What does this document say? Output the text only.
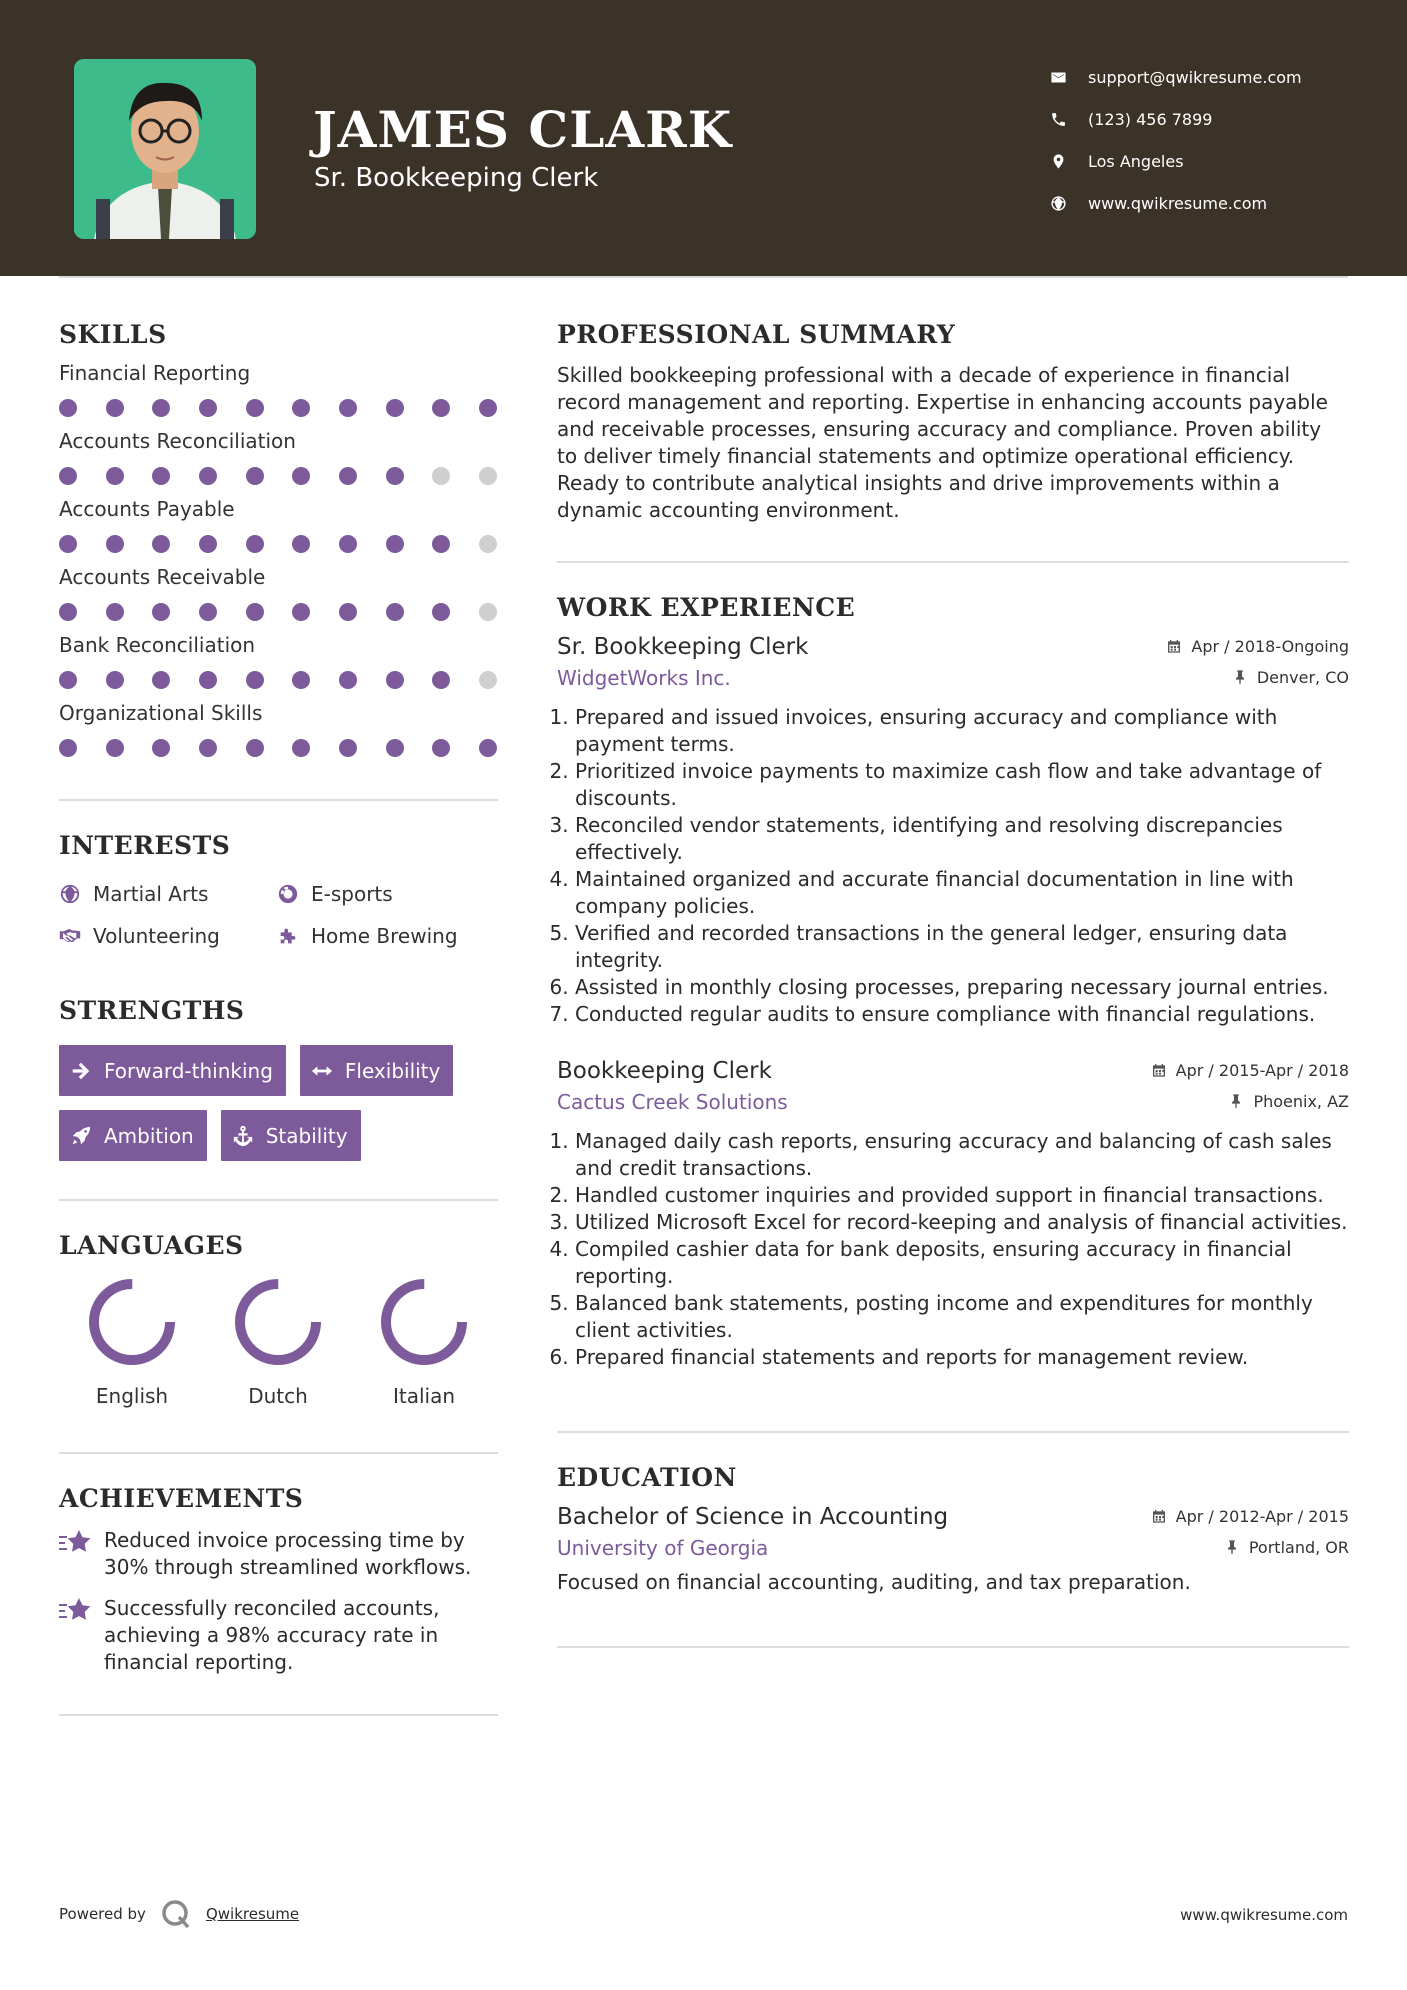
JAMES CLARK
Sr. Bookkeeping Clerk
support@qwikresume.com
(123) 456 7899
Los Angeles
www.qwikresume.com
SKILLS
Financial Reporting
Accounts Reconciliation
Accounts Payable
Accounts Receivable
Bank Reconciliation
Organizational Skills
INTERESTS
Martial Arts	E-sports
Volunteering	Home Brewing
STRENGTHS
Forward-thinking	Flexibility
Ambition	Stability
LANGUAGES
English	Dutch	Italian
ACHIEVEMENTS
Reduced invoice processing time by 30% through streamlined workflows.
Successfully reconciled accounts, achieving a 98% accuracy rate in financial reporting.
PROFESSIONAL SUMMARY
Skilled bookkeeping professional with a decade of experience in financial record management and reporting. Expertise in enhancing accounts payable and receivable processes, ensuring accuracy and compliance. Proven ability to deliver timely financial statements and optimize operational efficiency. Ready to contribute analytical insights and drive improvements within a dynamic accounting environment.
WORK EXPERIENCE
Sr. Bookkeeping Clerk	Apr / 2018-Ongoing
WidgetWorks Inc.	Denver, CO
1. Prepared and issued invoices, ensuring accuracy and compliance with payment terms.
2. Prioritized invoice payments to maximize cash flow and take advantage of discounts.
3. Reconciled vendor statements, identifying and resolving discrepancies effectively.
4. Maintained organized and accurate financial documentation in line with company policies.
5. Verified and recorded transactions in the general ledger, ensuring data integrity.
6. Assisted in monthly closing processes, preparing necessary journal entries.
7. Conducted regular audits to ensure compliance with financial regulations.
Bookkeeping Clerk	Apr / 2015-Apr / 2018
Cactus Creek Solutions	Phoenix, AZ
1. Managed daily cash reports, ensuring accuracy and balancing of cash sales and credit transactions.
2. Handled customer inquiries and provided support in financial transactions.
3. Utilized Microsoft Excel for record-keeping and analysis of financial activities.
4. Compiled cashier data for bank deposits, ensuring accuracy in financial reporting.
5. Balanced bank statements, posting income and expenditures for monthly client activities.
6. Prepared financial statements and reports for management review.
EDUCATION
Bachelor of Science in Accounting	Apr / 2012-Apr / 2015
University of Georgia	Portland, OR
Focused on financial accounting, auditing, and tax preparation.
Powered by	Qwikresume	www.qwikresume.com
